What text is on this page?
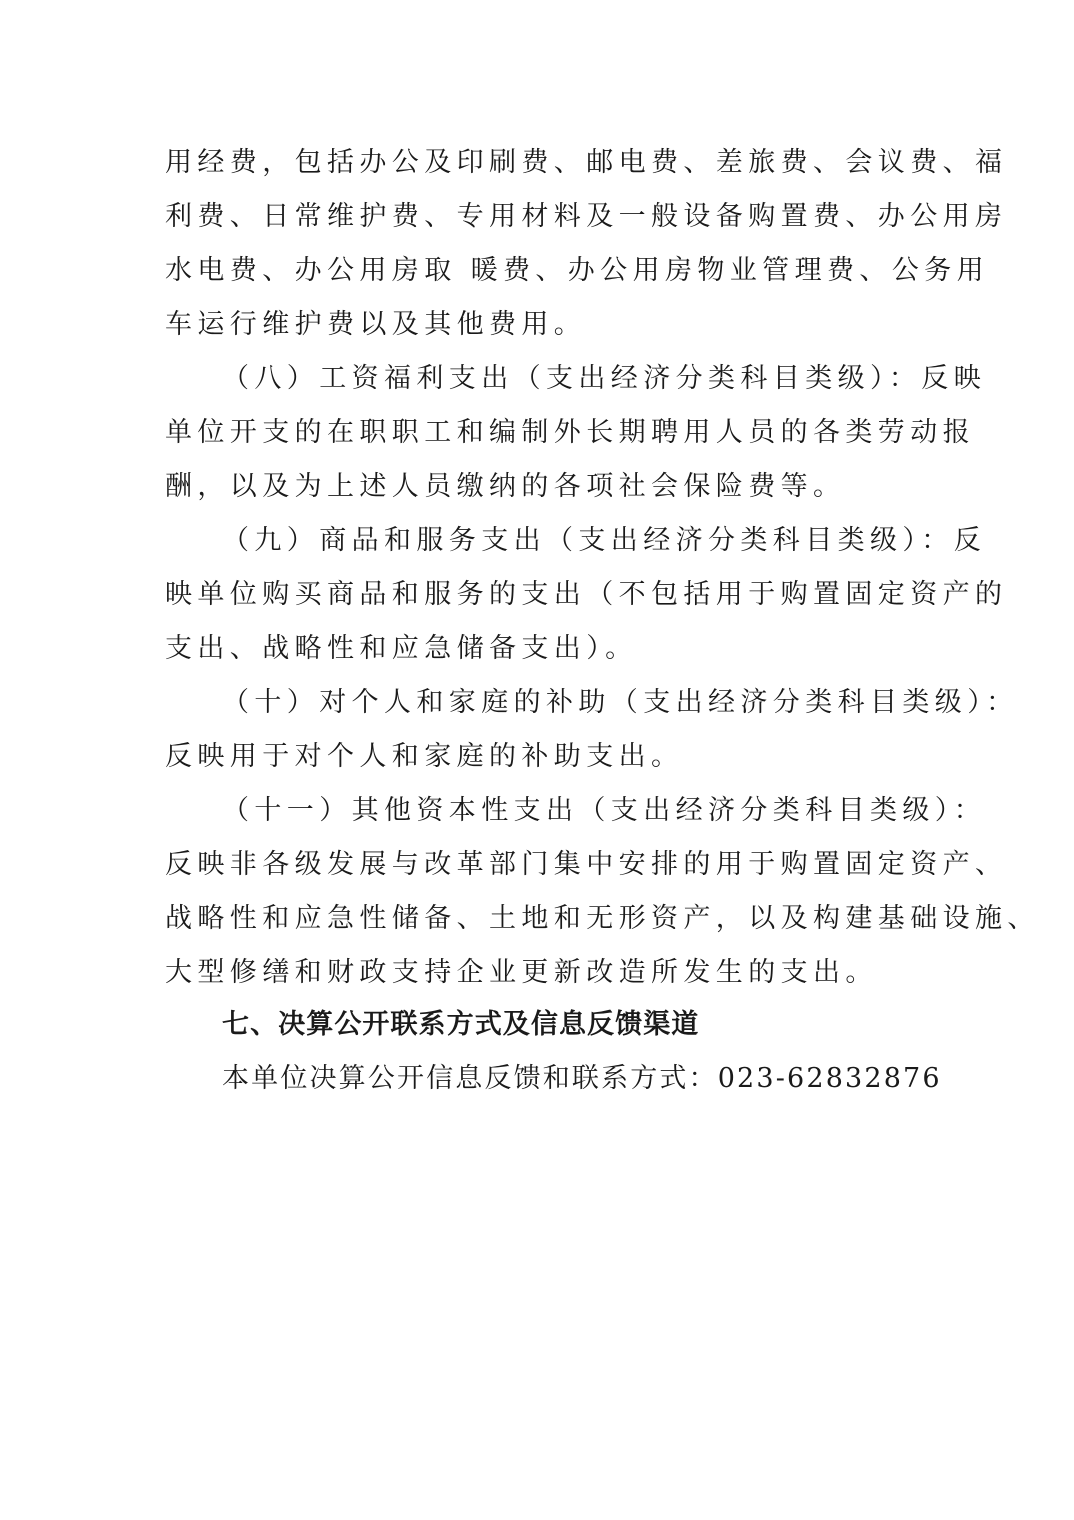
用经费，包括办公及印刷费、邮电费、差旅费、会议费、福
利费、日常维护费、专用材料及一般设备购置费、办公用房
水电费、办公用房取 暖费、办公用房物业管理费、公务用
车运行维护费以及其他费用。
（八）工资福利支出（支出经济分类科目类级）：反映
单位开支的在职职工和编制外长期聘用人员的各类劳动报
酬，以及为上述人员缴纳的各项社会保险费等。
（九）商品和服务支出（支出经济分类科目类级）：反
映单位购买商品和服务的支出（不包括用于购置固定资产的
支出、战略性和应急储备支出）。
（十）对个人和家庭的补助（支出经济分类科目类级）：
反映用于对个人和家庭的补助支出。
（十一）其他资本性支出（支出经济分类科目类级）：
反映非各级发展与改革部门集中安排的用于购置固定资产、
战略性和应急性储备、土地和无形资产，以及构建基础设施、
大型修缮和财政支持企业更新改造所发生的支出。
七、决算公开联系方式及信息反馈渠道
本单位决算公开信息反馈和联系方式：023-62832876
